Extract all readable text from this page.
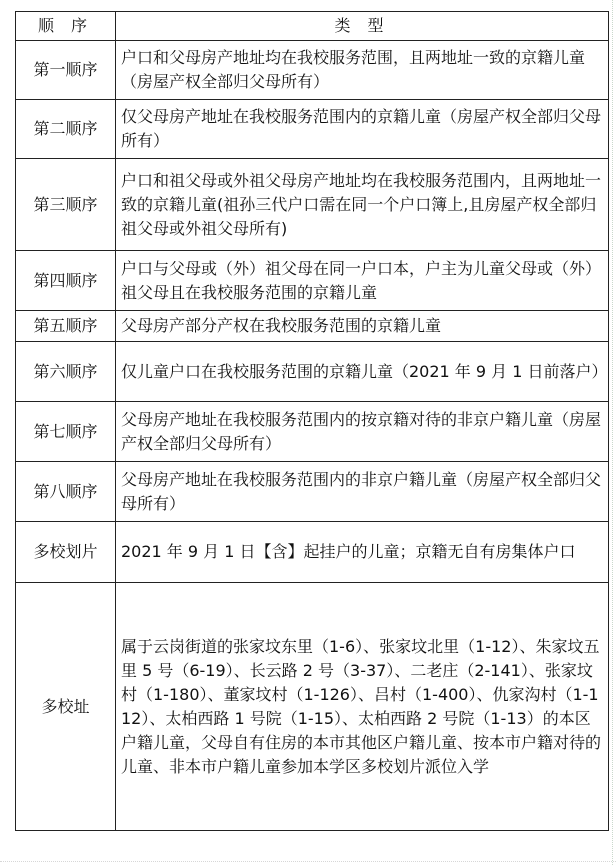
顺 序	类 型
第一顺序	户口和父母房产地址均在我校服务范围，且两地址一致的京籍儿童（房屋产权全部归父母所有）
第二顺序	仅父母房产地址在我校服务范围内的京籍儿童（房屋产权全部归父母所有）
第三顺序	户口和祖父母或外祖父母房产地址均在我校服务范围内，且两地址一致的京籍儿童(祖孙三代户口需在同一个户口簿上,且房屋产权全部归祖父母或外祖父母所有)
第四顺序	户口与父母或（外）祖父母在同一户口本，户主为儿童父母或（外）祖父母且在我校服务范围的京籍儿童
第五顺序	父母房产部分产权在我校服务范围的京籍儿童
第六顺序	仅儿童户口在我校服务范围的京籍儿童（2021 年 9 月 1 日前落户）
第七顺序	父母房产地址在我校服务范围内的按京籍对待的非京户籍儿童（房屋产权全部归父母所有）
第八顺序	父母房产地址在我校服务范围内的非京户籍儿童（房屋产权全部归父母所有）
多校划片	2021 年 9 月 1 日【含】起挂户的儿童；京籍无自有房集体户口
多校址	属于云岗街道的张家坟东里（1-6）、张家坟北里（1-12）、朱家坟五里 5 号（6-19）、长云路 2 号（3-37）、二老庄（2-141）、张家坟村（1-180）、董家坟村（1-126）、吕村（1-400）、仇家沟村（1-112）、太柏西路 1 号院（1-15）、太柏西路 2 号院（1-13）的本区户籍儿童，父母自有住房的本市其他区户籍儿童、按本市户籍对待的儿童、非本市户籍儿童参加本学区多校划片派位入学
